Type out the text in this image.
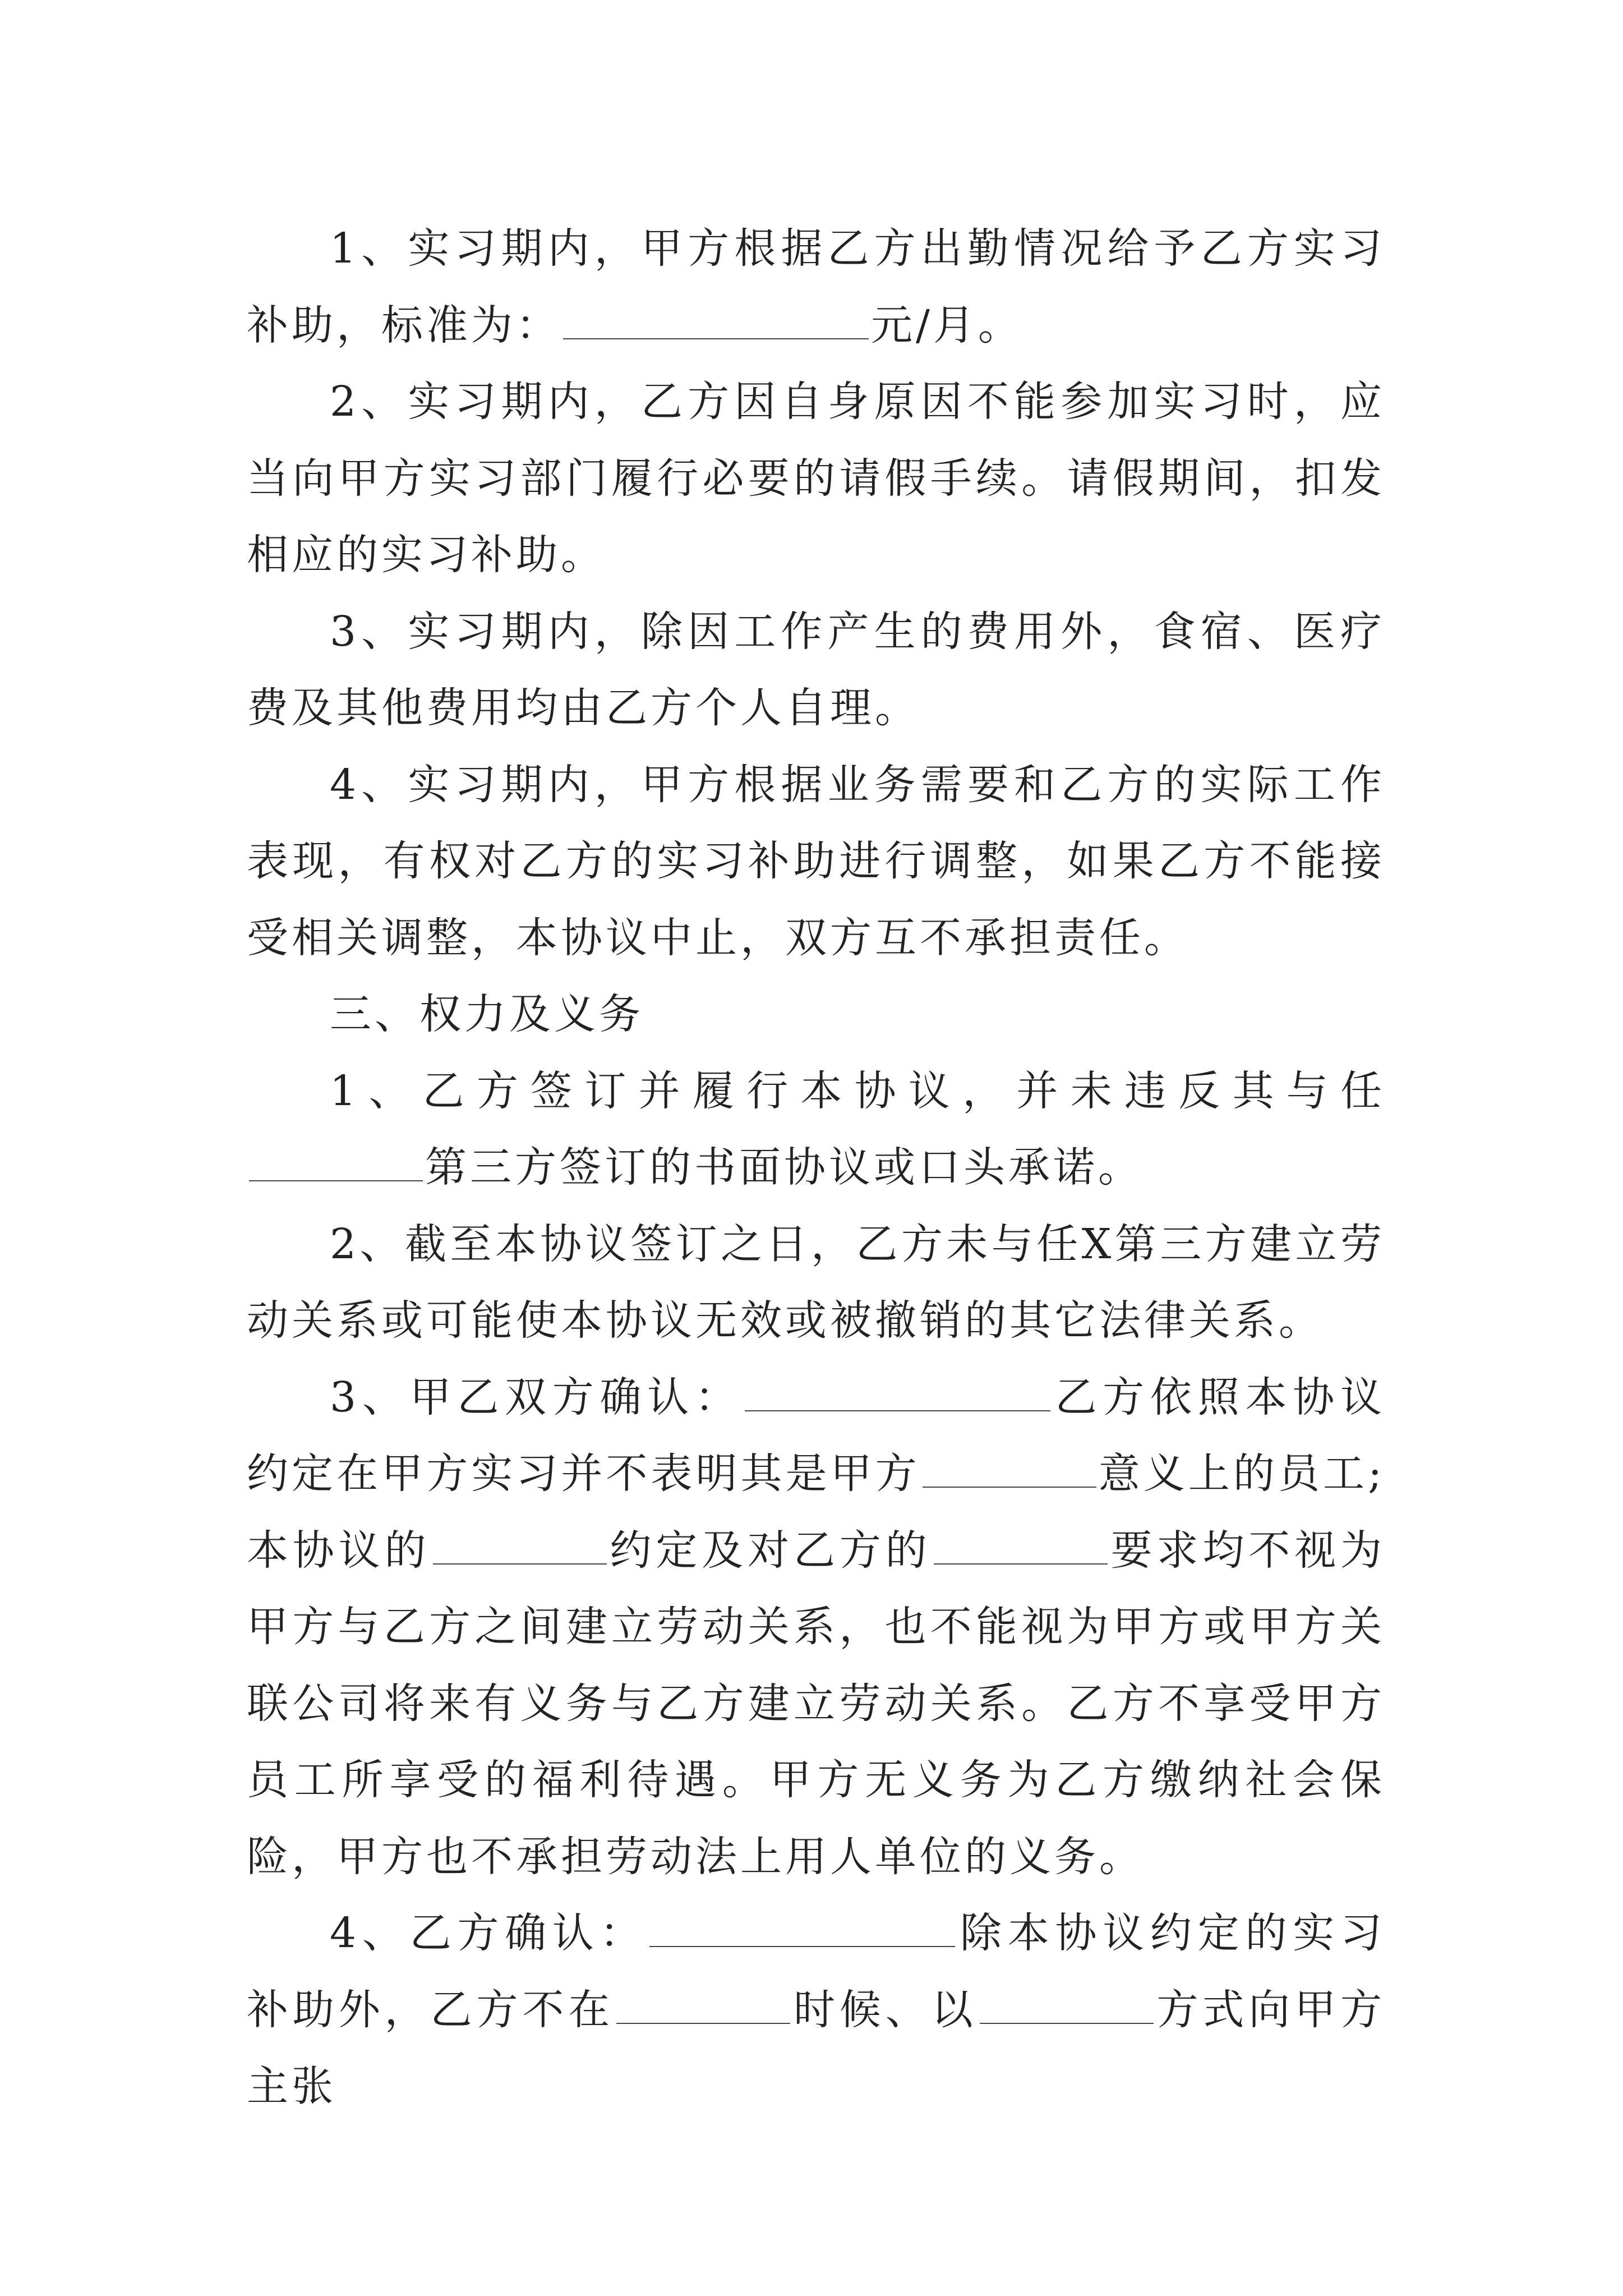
1、实习期内，甲方根据乙方出勤情况给予乙方实习补助，标准为：	元/月。

2、实习期内，乙方因自身原因不能参加实习时，应当向甲方实习部门履行必要的请假手续。请假期间，扣发相应的实习补助。

3、实习期内，除因工作产生的费用外，食宿、医疗费及其他费用均由乙方个人自理。

4、实习期内，甲方根据业务需要和乙方的实际工作表现，有权对乙方的实习补助进行调整，如果乙方不能接受相关调整，本协议中止，双方互不承担责任。

三、权力及义务

1、乙方签订并履行本协议，并未违反其与任第三方签订的书面协议或口头承诺。

2、截至本协议签订之日，乙方未与任X第三方建立劳动关系或可能使本协议无效或被撤销的其它法律关系。

3、甲乙双方确认：	乙方依照本协议约定在甲方实习并不表明其是甲方	意义上的员工;本协议的	约定及对乙方的	要求均不视为甲方与乙方之间建立劳动关系，也不能视为甲方或甲方关联公司将来有义务与乙方建立劳动关系。乙方不享受甲方员工所享受的福利待遇。甲方无义务为乙方缴纳社会保险，甲方也不承担劳动法上用人单位的义务。

4、乙方确认：	除本协议约定的实习补助外，乙方不在	时候、以	方式向甲方主张
